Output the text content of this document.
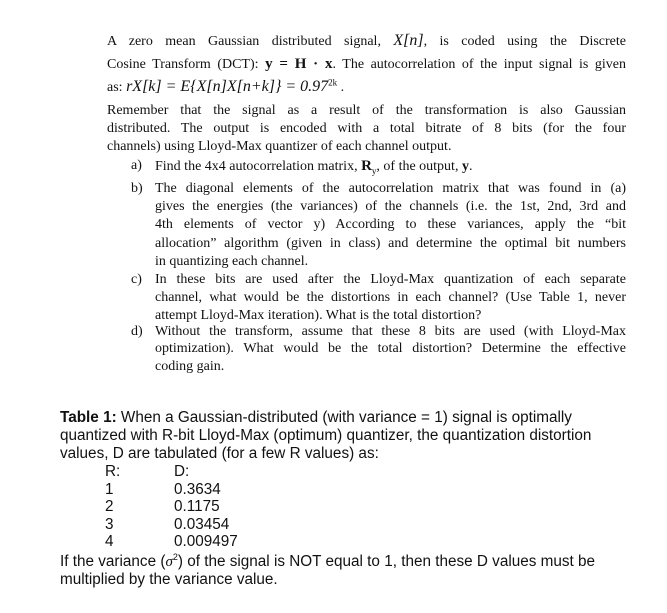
A zero mean Gaussian distributed signal, X[n], is coded using the Discrete
Cosine Transform (DCT): y = H · x. The autocorrelation of the input signal is given
as: $rX[k] = E\{X[n]X[n+k]\} = 0.97^{2k}$ .
Remember that the signal as a result of the transformation is also Gaussian
distributed. The output is encoded with a total bitrate of 8 bits (for the four
channels) using Lloyd-Max quantizer of each channel output.
a) Find the 4x4 autocorrelation matrix, $R_y$, of the output, y.
b) The diagonal elements of the autocorrelation matrix that was found in (a)
gives the energies (the variances) of the channels (i.e. the 1st, 2nd, 3rd and
4th elements of vector y) According to these variances, apply the “bit
allocation” algorithm (given in class) and determine the optimal bit numbers
in quantizing each channel.
c) In these bits are used after the Lloyd-Max quantization of each separate
channel, what would be the distortions in each channel? (Use Table 1, never
attempt Lloyd-Max iteration). What is the total distortion?
d) Without the transform, assume that these 8 bits are used (with Lloyd-Max
optimization). What would be the total distortion? Determine the effective
coding gain.
Table 1: When a Gaussian-distributed (with variance = 1) signal is optimally
quantized with R-bit Lloyd-Max (optimum) quantizer, the quantization distortion
values, D are tabulated (for a few R values) as:
R:	D:
1	0.3634
2	0.1175
3	0.03454
4	0.009497
If the variance $(\sigma^2)$ of the signal is NOT equal to 1, then these D values must be
multiplied by the variance value.
